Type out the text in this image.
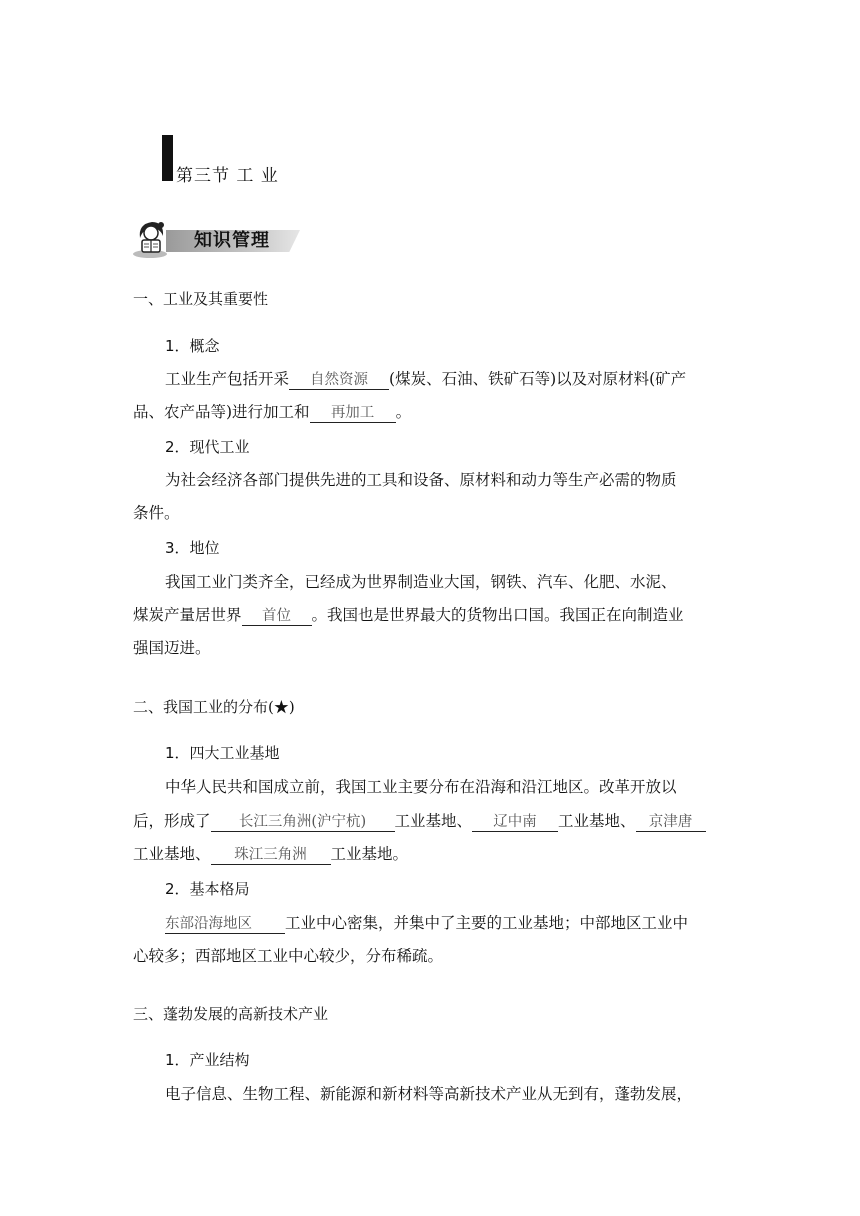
第三节 工 业
知识管理
一、工业及其重要性
1．概念
工业生产包括开采 自然资源 (煤炭、石油、铁矿石等)以及对原材料(矿产
品、农产品等)进行加工和 再加工 。
2．现代工业
为社会经济各部门提供先进的工具和设备、原材料和动力等生产必需的物质
条件。
3．地位
我国工业门类齐全，已经成为世界制造业大国，钢铁、汽车、化肥、水泥、
煤炭产量居世界 首位 。我国也是世界最大的货物出口国。我国正在向制造业
强国迈进。
二、我国工业的分布(★)
1．四大工业基地
中华人民共和国成立前，我国工业主要分布在沿海和沿江地区。改革开放以
后，形成了 长江三角洲(沪宁杭) 工业基地、 辽中南 工业基地、 京津唐
工业基地、 珠江三角洲 工业基地。
2．基本格局
东部沿海地区 工业中心密集，并集中了主要的工业基地；中部地区工业中
心较多；西部地区工业中心较少，分布稀疏。
三、蓬勃发展的高新技术产业
1．产业结构
电子信息、生物工程、新能源和新材料等高新技术产业从无到有，蓬勃发展，
